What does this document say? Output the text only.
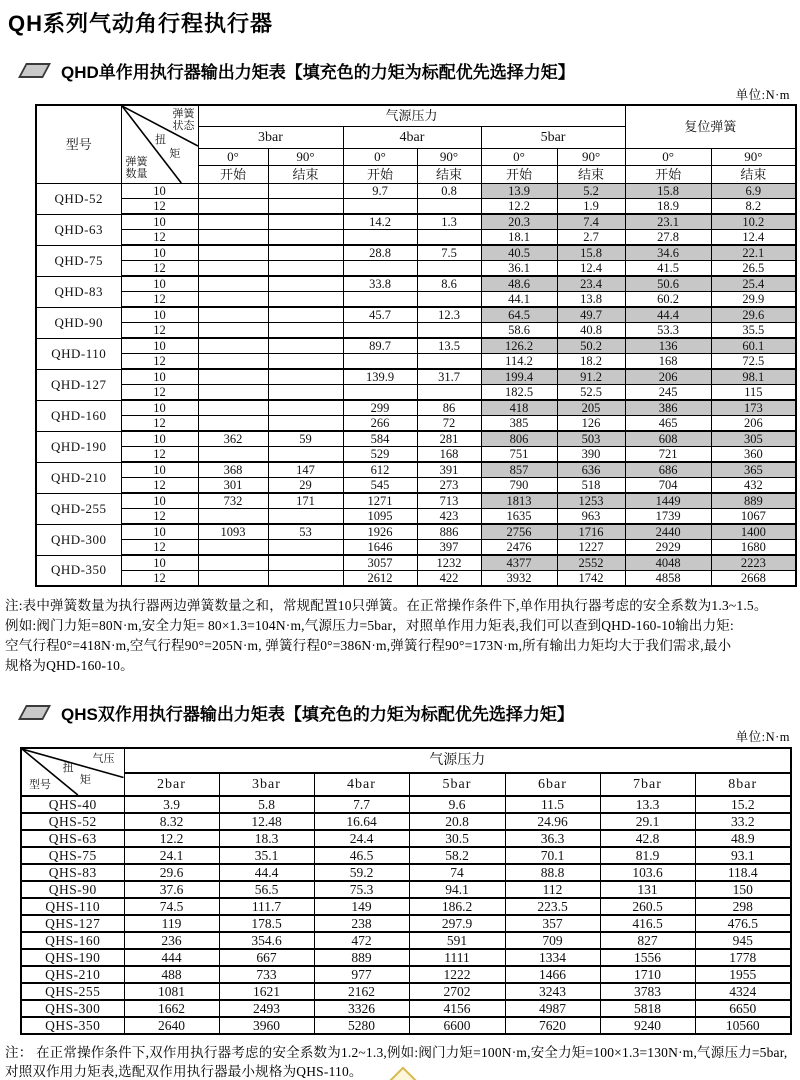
QH系列气动角行程执行器
QHD单作用执行器输出力矩表【填充色的力矩为标配优先选择力矩】
单位:N·m
型号	
弹簧
状态
扭
矩
弹簧
数量
	气源压力	复位弹簧
		3bar		4bar		5bar			
		0°	90°	0°	90°	0°	90°	0°	90°
		开始	结束	开始	结束	开始	结束	开始	结束
QHD-52	10			9.7	0.8	13.9	5.2	15.8	6.9
	12					12.2	1.9	18.9	8.2
QHD-63	10			14.2	1.3	20.3	7.4	23.1	10.2
	12					18.1	2.7	27.8	12.4
QHD-75	10			28.8	7.5	40.5	15.8	34.6	22.1
	12					36.1	12.4	41.5	26.5
QHD-83	10			33.8	8.6	48.6	23.4	50.6	25.4
	12					44.1	13.8	60.2	29.9
QHD-90	10			45.7	12.3	64.5	49.7	44.4	29.6
	12					58.6	40.8	53.3	35.5
QHD-110	10			89.7	13.5	126.2	50.2	136	60.1
	12					114.2	18.2	168	72.5
QHD-127	10			139.9	31.7	199.4	91.2	206	98.1
	12					182.5	52.5	245	115
QHD-160	10			299	86	418	205	386	173
	12			266	72	385	126	465	206
QHD-190	10	362	59	584	281	806	503	608	305
	12			529	168	751	390	721	360
QHD-210	10	368	147	612	391	857	636	686	365
	12	301	29	545	273	790	518	704	432
QHD-255	10	732	171	1271	713	1813	1253	1449	889
	12			1095	423	1635	963	1739	1067
QHD-300	10	1093	53	1926	886	2756	1716	2440	1400
	12			1646	397	2476	1227	2929	1680
QHD-350	10			3057	1232	4377	2552	4048	2223
	12			2612	422	3932	1742	4858	2668
注:表中弹簧数量为执行器两边弹簧数量之和，常规配置10只弹簧。在正常操作条件下,单作用执行器考虑的安全系数为1.3~1.5。
例如:阀门力矩=80N·m,安全力矩= 80×1.3=104N·m,气源压力=5bar，对照单作用力矩表,我们可以查到QHD-160-10输出力矩:
空气行程0°=418N·m,空气行程90°=205N·m, 弹簧行程0°=386N·m,弹簧行程90°=173N·m,所有输出力矩均大于我们需求,最小
规格为QHD-160-10。
QHS双作用执行器输出力矩表【填充色的力矩为标配优先选择力矩】
单位:N·m
气压
扭
矩
型号	气源压力						
	2bar	3bar	4bar	5bar	6bar	7bar	8bar
QHS-40	3.9	5.8	7.7	9.6	11.5	13.3	15.2
QHS-52	8.32	12.48	16.64	20.8	24.96	29.1	33.2
QHS-63	12.2	18.3	24.4	30.5	36.3	42.8	48.9
QHS-75	24.1	35.1	46.5	58.2	70.1	81.9	93.1
QHS-83	29.6	44.4	59.2	74	88.8	103.6	118.4
QHS-90	37.6	56.5	75.3	94.1	112	131	150
QHS-110	74.5	111.7	149	186.2	223.5	260.5	298
QHS-127	119	178.5	238	297.9	357	416.5	476.5
QHS-160	236	354.6	472	591	709	827	945
QHS-190	444	667	889	1111	1334	1556	1778
QHS-210	488	733	977	1222	1466	1710	1955
QHS-255	1081	1621	2162	2702	3243	3783	4324
QHS-300	1662	2493	3326	4156	4987	5818	6650
QHS-350	2640	3960	5280	6600	7620	9240	10560
注： 在正常操作条件下,双作用执行器考虑的安全系数为1.2~1.3,例如:阀门力矩=100N·m,安全力矩=100×1.3=130N·m,气源压力=5bar,
对照双作用力矩表,选配双作用执行器最小规格为QHS-110。
